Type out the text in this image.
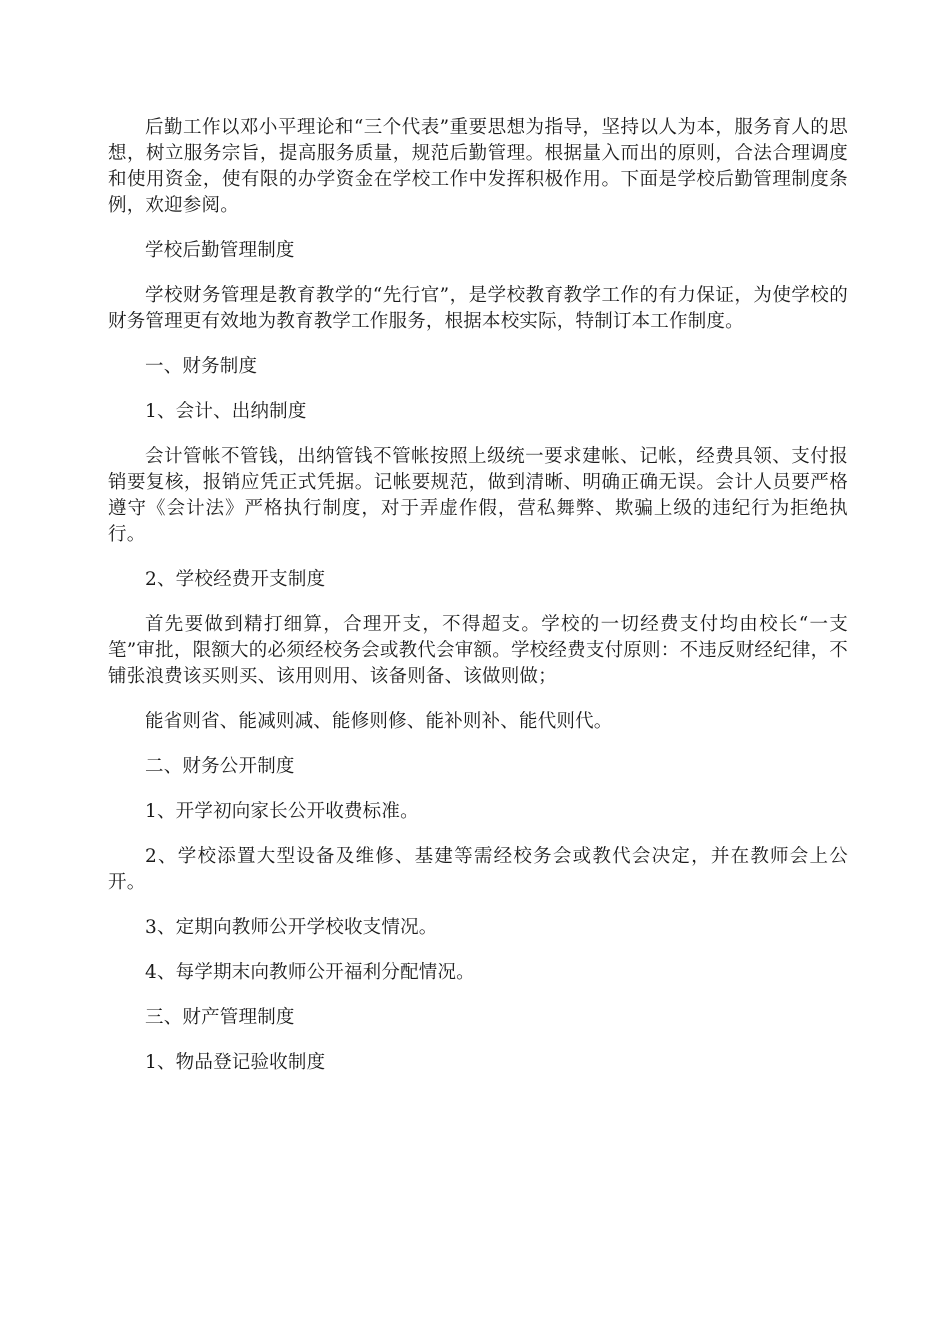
后勤工作以邓小平理论和“三个代表”重要思想为指导，坚持以人为本，服务育人的思想，树立服务宗旨，提高服务质量，规范后勤管理。根据量入而出的原则，合法合理调度和使用资金，使有限的办学资金在学校工作中发挥积极作用。下面是学校后勤管理制度条例，欢迎参阅。

学校后勤管理制度

学校财务管理是教育教学的“先行官”，是学校教育教学工作的有力保证，为使学校的财务管理更有效地为教育教学工作服务，根据本校实际，特制订本工作制度。

一、财务制度

1、会计、出纳制度

会计管帐不管钱，出纳管钱不管帐按照上级统一要求建帐、记帐，经费具领、支付报销要复核，报销应凭正式凭据。记帐要规范，做到清晰、明确正确无误。会计人员要严格遵守《会计法》严格执行制度，对于弄虚作假，营私舞弊、欺骗上级的违纪行为拒绝执行。

2、学校经费开支制度

首先要做到精打细算，合理开支，不得超支。学校的一切经费支付均由校长“一支笔”审批，限额大的必须经校务会或教代会审额。学校经费支付原则：不违反财经纪律，不铺张浪费该买则买、该用则用、该备则备、该做则做；

能省则省、能减则减、能修则修、能补则补、能代则代。

二、财务公开制度

1、开学初向家长公开收费标准。

2、学校添置大型设备及维修、基建等需经校务会或教代会决定，并在教师会上公开。

3、定期向教师公开学校收支情况。

4、每学期末向教师公开福利分配情况。

三、财产管理制度

1、物品登记验收制度
